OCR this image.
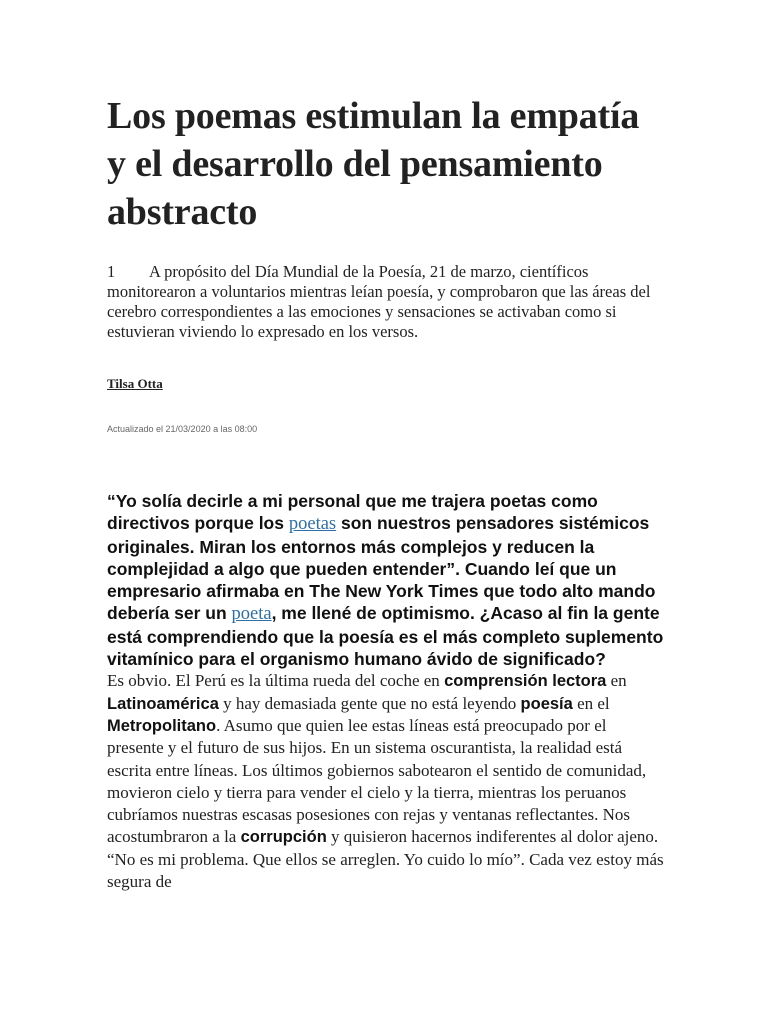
Los poemas estimulan la empatía y el desarrollo del pensamiento abstracto

1 A propósito del Día Mundial de la Poesía, 21 de marzo, científicos monitorearon a voluntarios mientras leían poesía, y comprobaron que las áreas del cerebro correspondientes a las emociones y sensaciones se activaban como si estuvieran viviendo lo expresado en los versos.

Tilsa Otta

Actualizado el 21/03/2020 a las 08:00

“Yo solía decirle a mi personal que me trajera poetas como directivos porque los poetas son nuestros pensadores sistémicos originales. Miran los entornos más complejos y reducen la complejidad a algo que pueden entender”. Cuando leí que un empresario afirmaba en The New York Times que todo alto mando debería ser un poeta, me llené de optimismo. ¿Acaso al fin la gente está comprendiendo que la poesía es el más completo suplemento vitamínico para el organismo humano ávido de significado?

Es obvio. El Perú es la última rueda del coche en comprensión lectora en Latinoamérica y hay demasiada gente que no está leyendo poesía en el Metropolitano. Asumo que quien lee estas líneas está preocupado por el presente y el futuro de sus hijos. En un sistema oscurantista, la realidad está escrita entre líneas. Los últimos gobiernos sabotearon el sentido de comunidad, movieron cielo y tierra para vender el cielo y la tierra, mientras los peruanos cubríamos nuestras escasas posesiones con rejas y ventanas reflectantes. Nos acostumbraron a la corrupción y quisieron hacernos indiferentes al dolor ajeno. “No es mi problema. Que ellos se arreglen. Yo cuido lo mío”. Cada vez estoy más segura de
